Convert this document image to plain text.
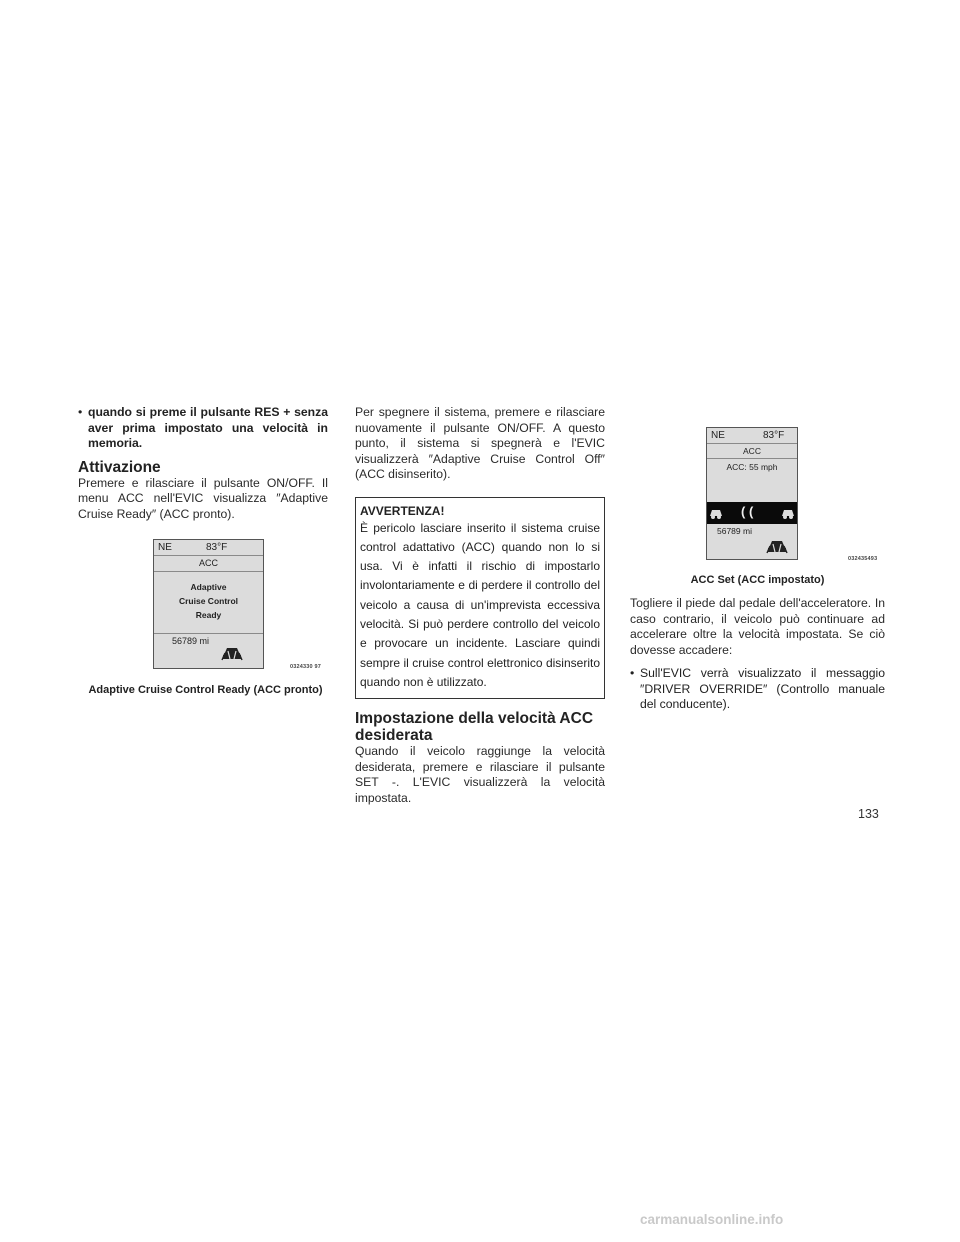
• quando si preme il pulsante RES + senza aver prima impostato una velocità in memoria.
Attivazione

Premere e rilasciare il pulsante ON/OFF. Il menu ACC nell'EVIC visualizza ″Adaptive Cruise Ready″ (ACC pronto).

NE	83°F
ACC
Adaptive
Cruise Control
Ready
56789 mi
0324330 97
Adaptive Cruise Control Ready (ACC pronto)

Per spegnere il sistema, premere e rilasciare nuovamente il pulsante ON/OFF. A questo punto, il sistema si spegnerà e l'EVIC visualizzerà ″Adaptive Cruise Control Off″ (ACC disinserito).

AVVERTENZA!
È pericolo lasciare inserito il sistema cruise control adattativo (ACC) quando non lo si usa. Vi è infatti il rischio di impostarlo involontariamente e di perdere il controllo del veicolo a causa di un'imprevista eccessiva velocità. Si può perdere controllo del veicolo e provocare un incidente. Lasciare quindi sempre il cruise control elettronico disinserito quando non è utilizzato.
Impostazione della velocità ACC desiderata

Quando il veicolo raggiunge la velocità desiderata, premere e rilasciare il pulsante SET -. L'EVIC visualizzerà la velocità impostata.

NE	83°F
ACC
ACC: 55 mph
( (
56789 mi
032435493
ACC Set (ACC impostato)

Togliere il piede dal pedale dell'acceleratore. In caso contrario, il veicolo può continuare ad accelerare oltre la velocità impostata. Se ciò dovesse accadere:

• Sull'EVIC verrà visualizzato il messaggio ″DRIVER OVERRIDE″ (Controllo manuale del conducente).
133
carmanualsonline.info
